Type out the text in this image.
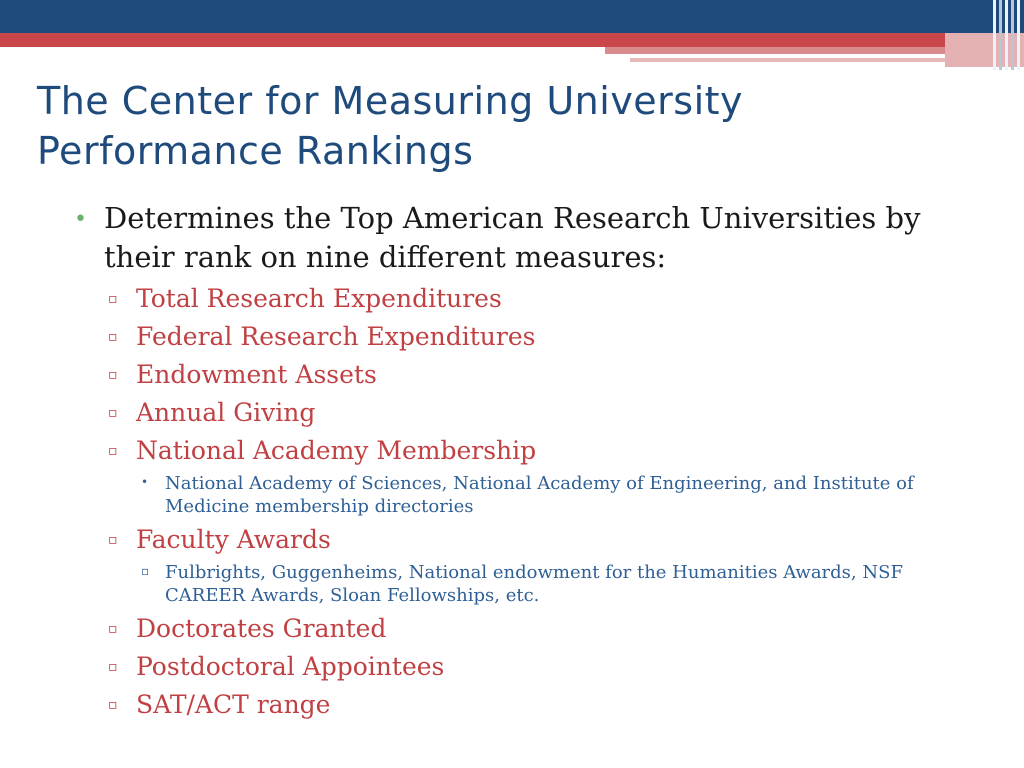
The Center for Measuring University Performance Rankings
• Determines the Top American Research Universities by their rank on nine different measures:
▫ Total Research Expenditures
▫ Federal Research Expenditures
▫ Endowment Assets
▫ Annual Giving
▫ National Academy Membership
• National Academy of Sciences, National Academy of Engineering, and Institute of Medicine membership directories
▫ Faculty Awards
▫ Fulbrights, Guggenheims, National endowment for the Humanities Awards, NSF CAREER Awards, Sloan Fellowships, etc.
▫ Doctorates Granted
▫ Postdoctoral Appointees
▫ SAT/ACT range
